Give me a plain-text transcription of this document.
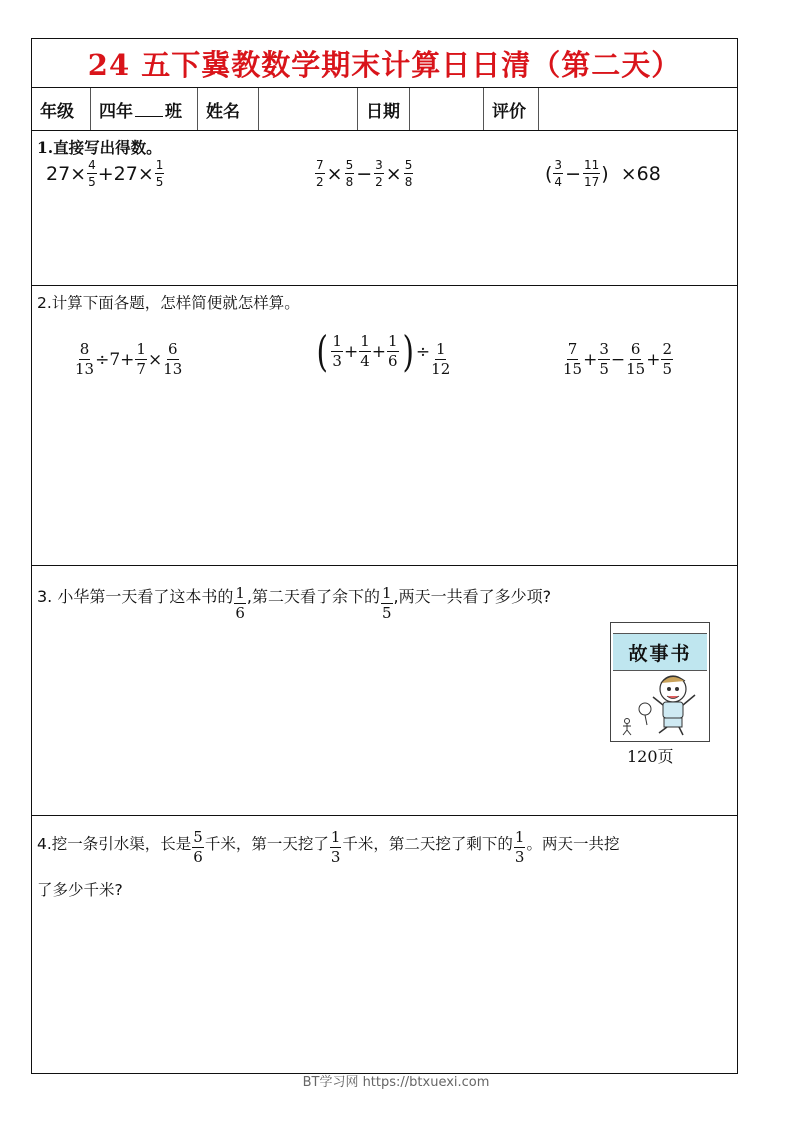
24 五下冀教数学期末计算日日清（第二天）
年级	四年 班	姓名	日期	评价
1.直接写出得数。
$27\times \frac{4}{5} +27\times \frac{1}{5}$	$\frac{7}{2} \times \frac{5}{8} - \frac{3}{2} \times \frac{5}{8}$	( $\frac{3}{4} - \frac{11}{17}$ ) ×68
2.计算下面各题，怎样简便就怎样算。
$\frac{8}{13} \div 7+ \frac{1}{7} \times \frac{6}{13}$	( $\frac{1}{3} + \frac{1}{4} + \frac{1}{6}$ ) ÷ $\frac{1}{12}$	$\frac{7}{15} + \frac{3}{5} - \frac{6}{15} + \frac{2}{5}$
3. 小华第一天看了这本书的 $\frac{1}{6}$ ,第二天看了余下的 $\frac{1}{5}$ ,两天一共看了多少项?
故事书
120页
4.挖一条引水渠，长是 $\frac{5}{6}$ 千米，第一天挖了 $\frac{1}{3}$ 千米，第二天挖了剩下的 $\frac{1}{3}$ 。两天一共挖
了多少千米?
BT学习网 https://btxuexi.com
